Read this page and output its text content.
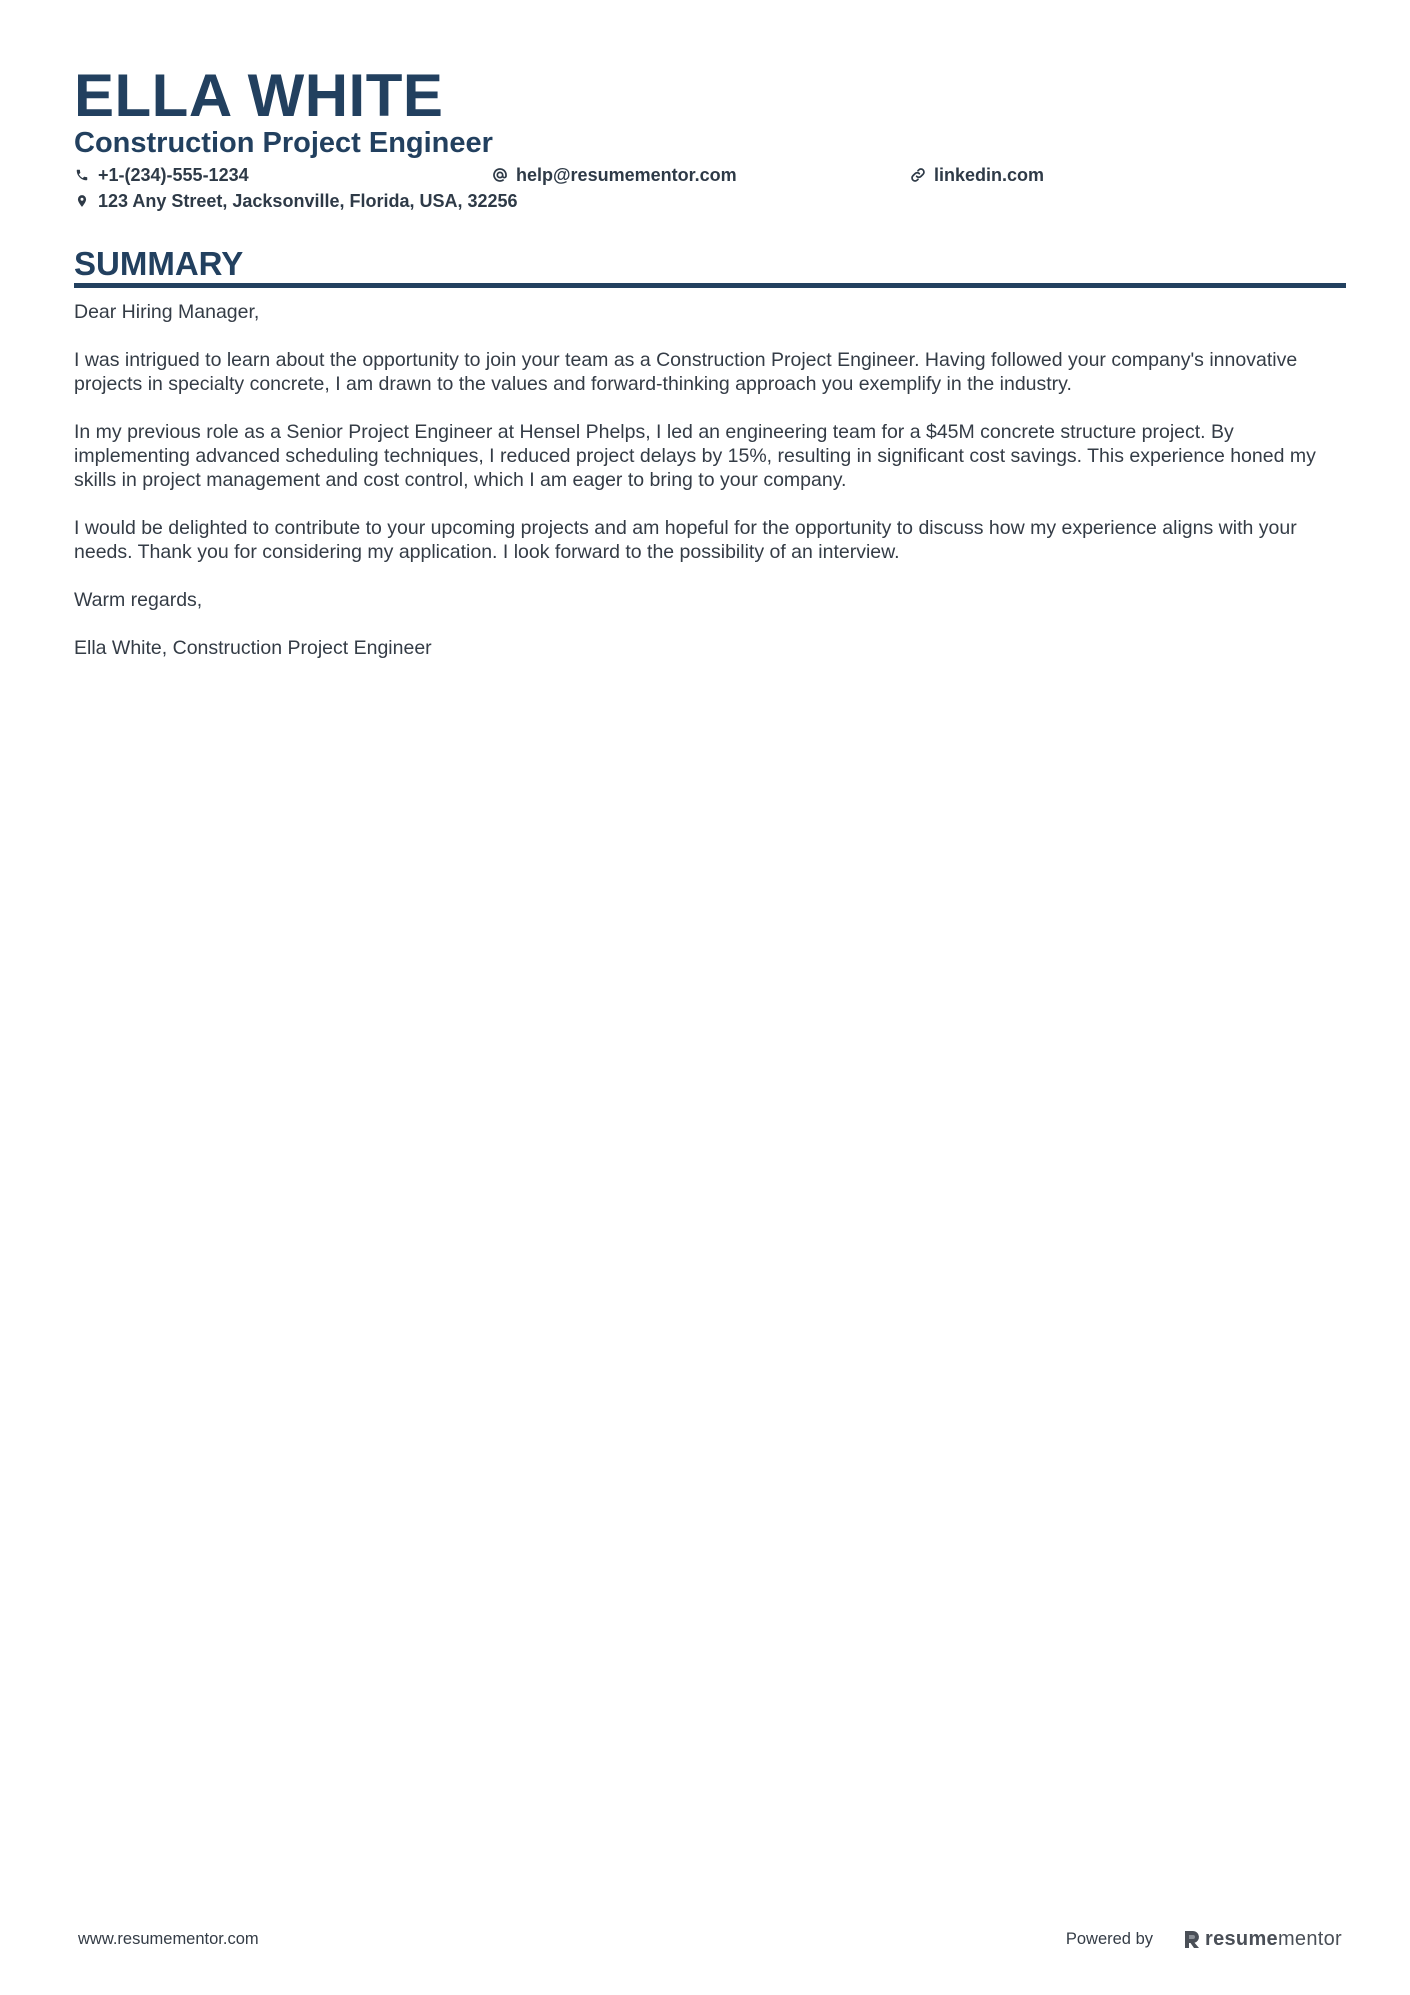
ELLA WHITE
Construction Project Engineer
+1-(234)-555-1234	help@resumementor.com	linkedin.com
123 Any Street, Jacksonville, Florida, USA, 32256
SUMMARY

Dear Hiring Manager,

I was intrigued to learn about the opportunity to join your team as a Construction Project Engineer. Having followed your company's innovative projects in specialty concrete, I am drawn to the values and forward-thinking approach you exemplify in the industry.

In my previous role as a Senior Project Engineer at Hensel Phelps, I led an engineering team for a $45M concrete structure project. By implementing advanced scheduling techniques, I reduced project delays by 15%, resulting in significant cost savings. This experience honed my skills in project management and cost control, which I am eager to bring to your company.

I would be delighted to contribute to your upcoming projects and am hopeful for the opportunity to discuss how my experience aligns with your needs. Thank you for considering my application. I look forward to the possibility of an interview.

Warm regards,

Ella White, Construction Project Engineer

www.resumementor.com	Powered by	resumementor
